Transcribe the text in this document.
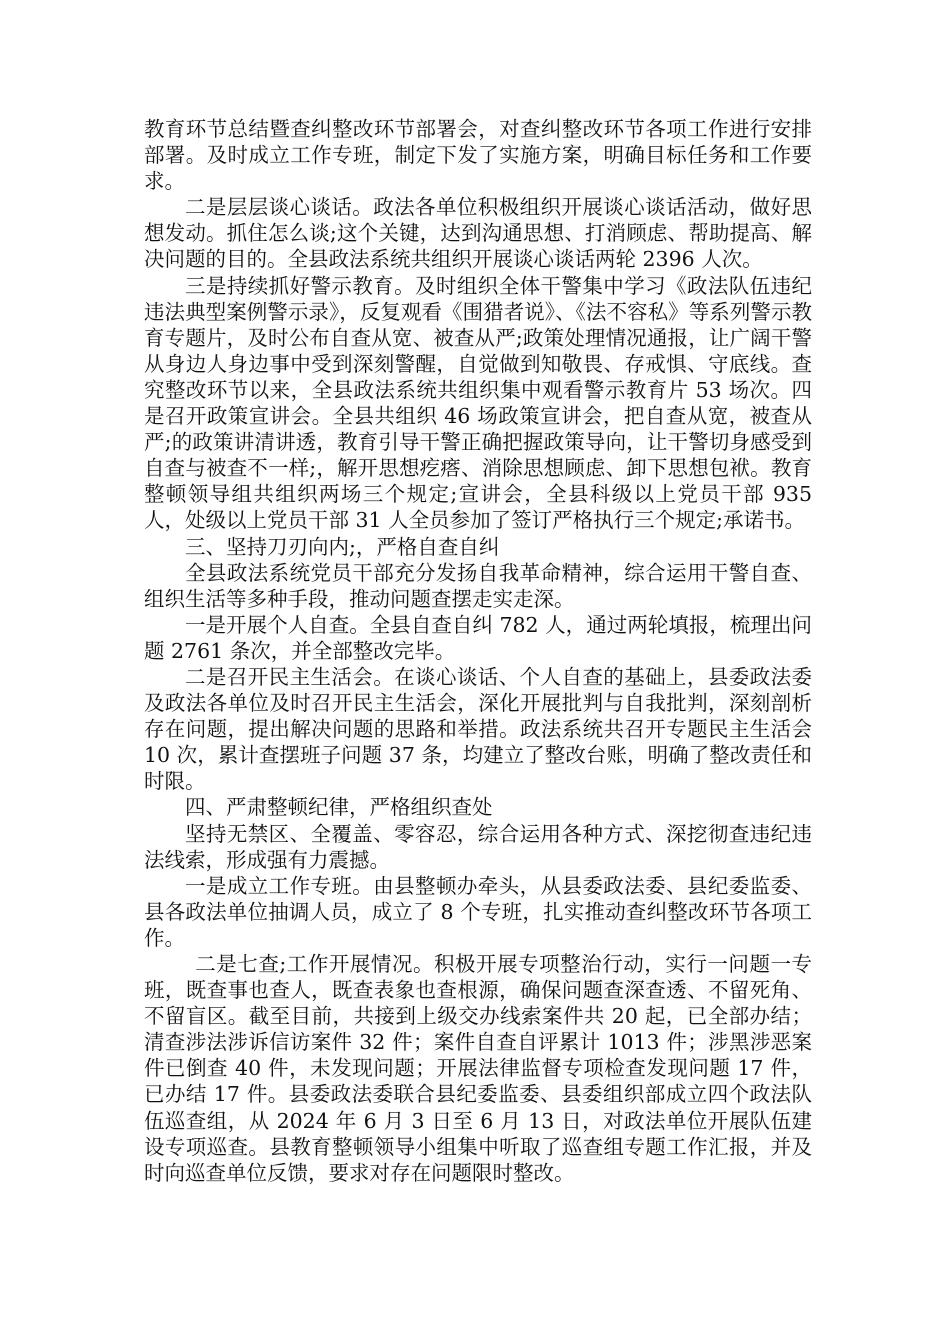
教育环节总结暨查纠整改环节部署会，对查纠整改环节各项工作进行安排部署。及时成立工作专班，制定下发了实施方案，明确目标任务和工作要求。

二是层层谈心谈话。政法各单位积极组织开展谈心谈话活动，做好思想发动。抓住怎么谈;这个关键，达到沟通思想、打消顾虑、帮助提高、解决问题的目的。全县政法系统共组织开展谈心谈话两轮 2396 人次。

三是持续抓好警示教育。及时组织全体干警集中学习《政法队伍违纪违法典型案例警示录》，反复观看《围猎者说》、《法不容私》等系列警示教育专题片，及时公布自查从宽、被查从严;政策处理情况通报，让广阔干警从身边人身边事中受到深刻警醒，自觉做到知敬畏、存戒惧、守底线。查究整改环节以来，全县政法系统共组织集中观看警示教育片 53 场次。四是召开政策宣讲会。全县共组织 46 场政策宣讲会，把自查从宽，被查从严;的政策讲清讲透，教育引导干警正确把握政策导向，让干警切身感受到自查与被查不一样;，解开思想疙瘩、消除思想顾虑、卸下思想包袱。教育整顿领导组共组织两场三个规定;宣讲会，全县科级以上党员干部 935 人，处级以上党员干部 31 人全员参加了签订严格执行三个规定;承诺书。

三、坚持刀刃向内;，严格自查自纠

全县政法系统党员干部充分发扬自我革命精神，综合运用干警自查、组织生活等多种手段，推动问题查摆走实走深。

一是开展个人自查。全县自查自纠 782 人，通过两轮填报，梳理出问题 2761 条次，并全部整改完毕。

二是召开民主生活会。在谈心谈话、个人自查的基础上，县委政法委及政法各单位及时召开民主生活会，深化开展批判与自我批判，深刻剖析存在问题，提出解决问题的思路和举措。政法系统共召开专题民主生活会 10 次，累计查摆班子问题 37 条，均建立了整改台账，明确了整改责任和时限。

四、严肃整顿纪律，严格组织查处

坚持无禁区、全覆盖、零容忍，综合运用各种方式、深挖彻查违纪违法线索，形成强有力震撼。

一是成立工作专班。由县整顿办牵头，从县委政法委、县纪委监委、县各政法单位抽调人员，成立了 8 个专班，扎实推动查纠整改环节各项工作。

二是七查;工作开展情况。积极开展专项整治行动，实行一问题一专班，既查事也查人，既查表象也查根源，确保问题查深查透、不留死角、不留盲区。截至目前，共接到上级交办线索案件共 20 起，已全部办结；清查涉法涉诉信访案件 32 件；案件自查自评累计 1013 件；涉黑涉恶案件已倒查 40 件，未发现问题；开展法律监督专项检查发现问题 17 件，已办结 17 件。县委政法委联合县纪委监委、县委组织部成立四个政法队伍巡查组，从 2024 年 6 月 3 日至 6 月 13 日，对政法单位开展队伍建设专项巡查。县教育整顿领导小组集中听取了巡查组专题工作汇报，并及时向巡查单位反馈，要求对存在问题限时整改。
